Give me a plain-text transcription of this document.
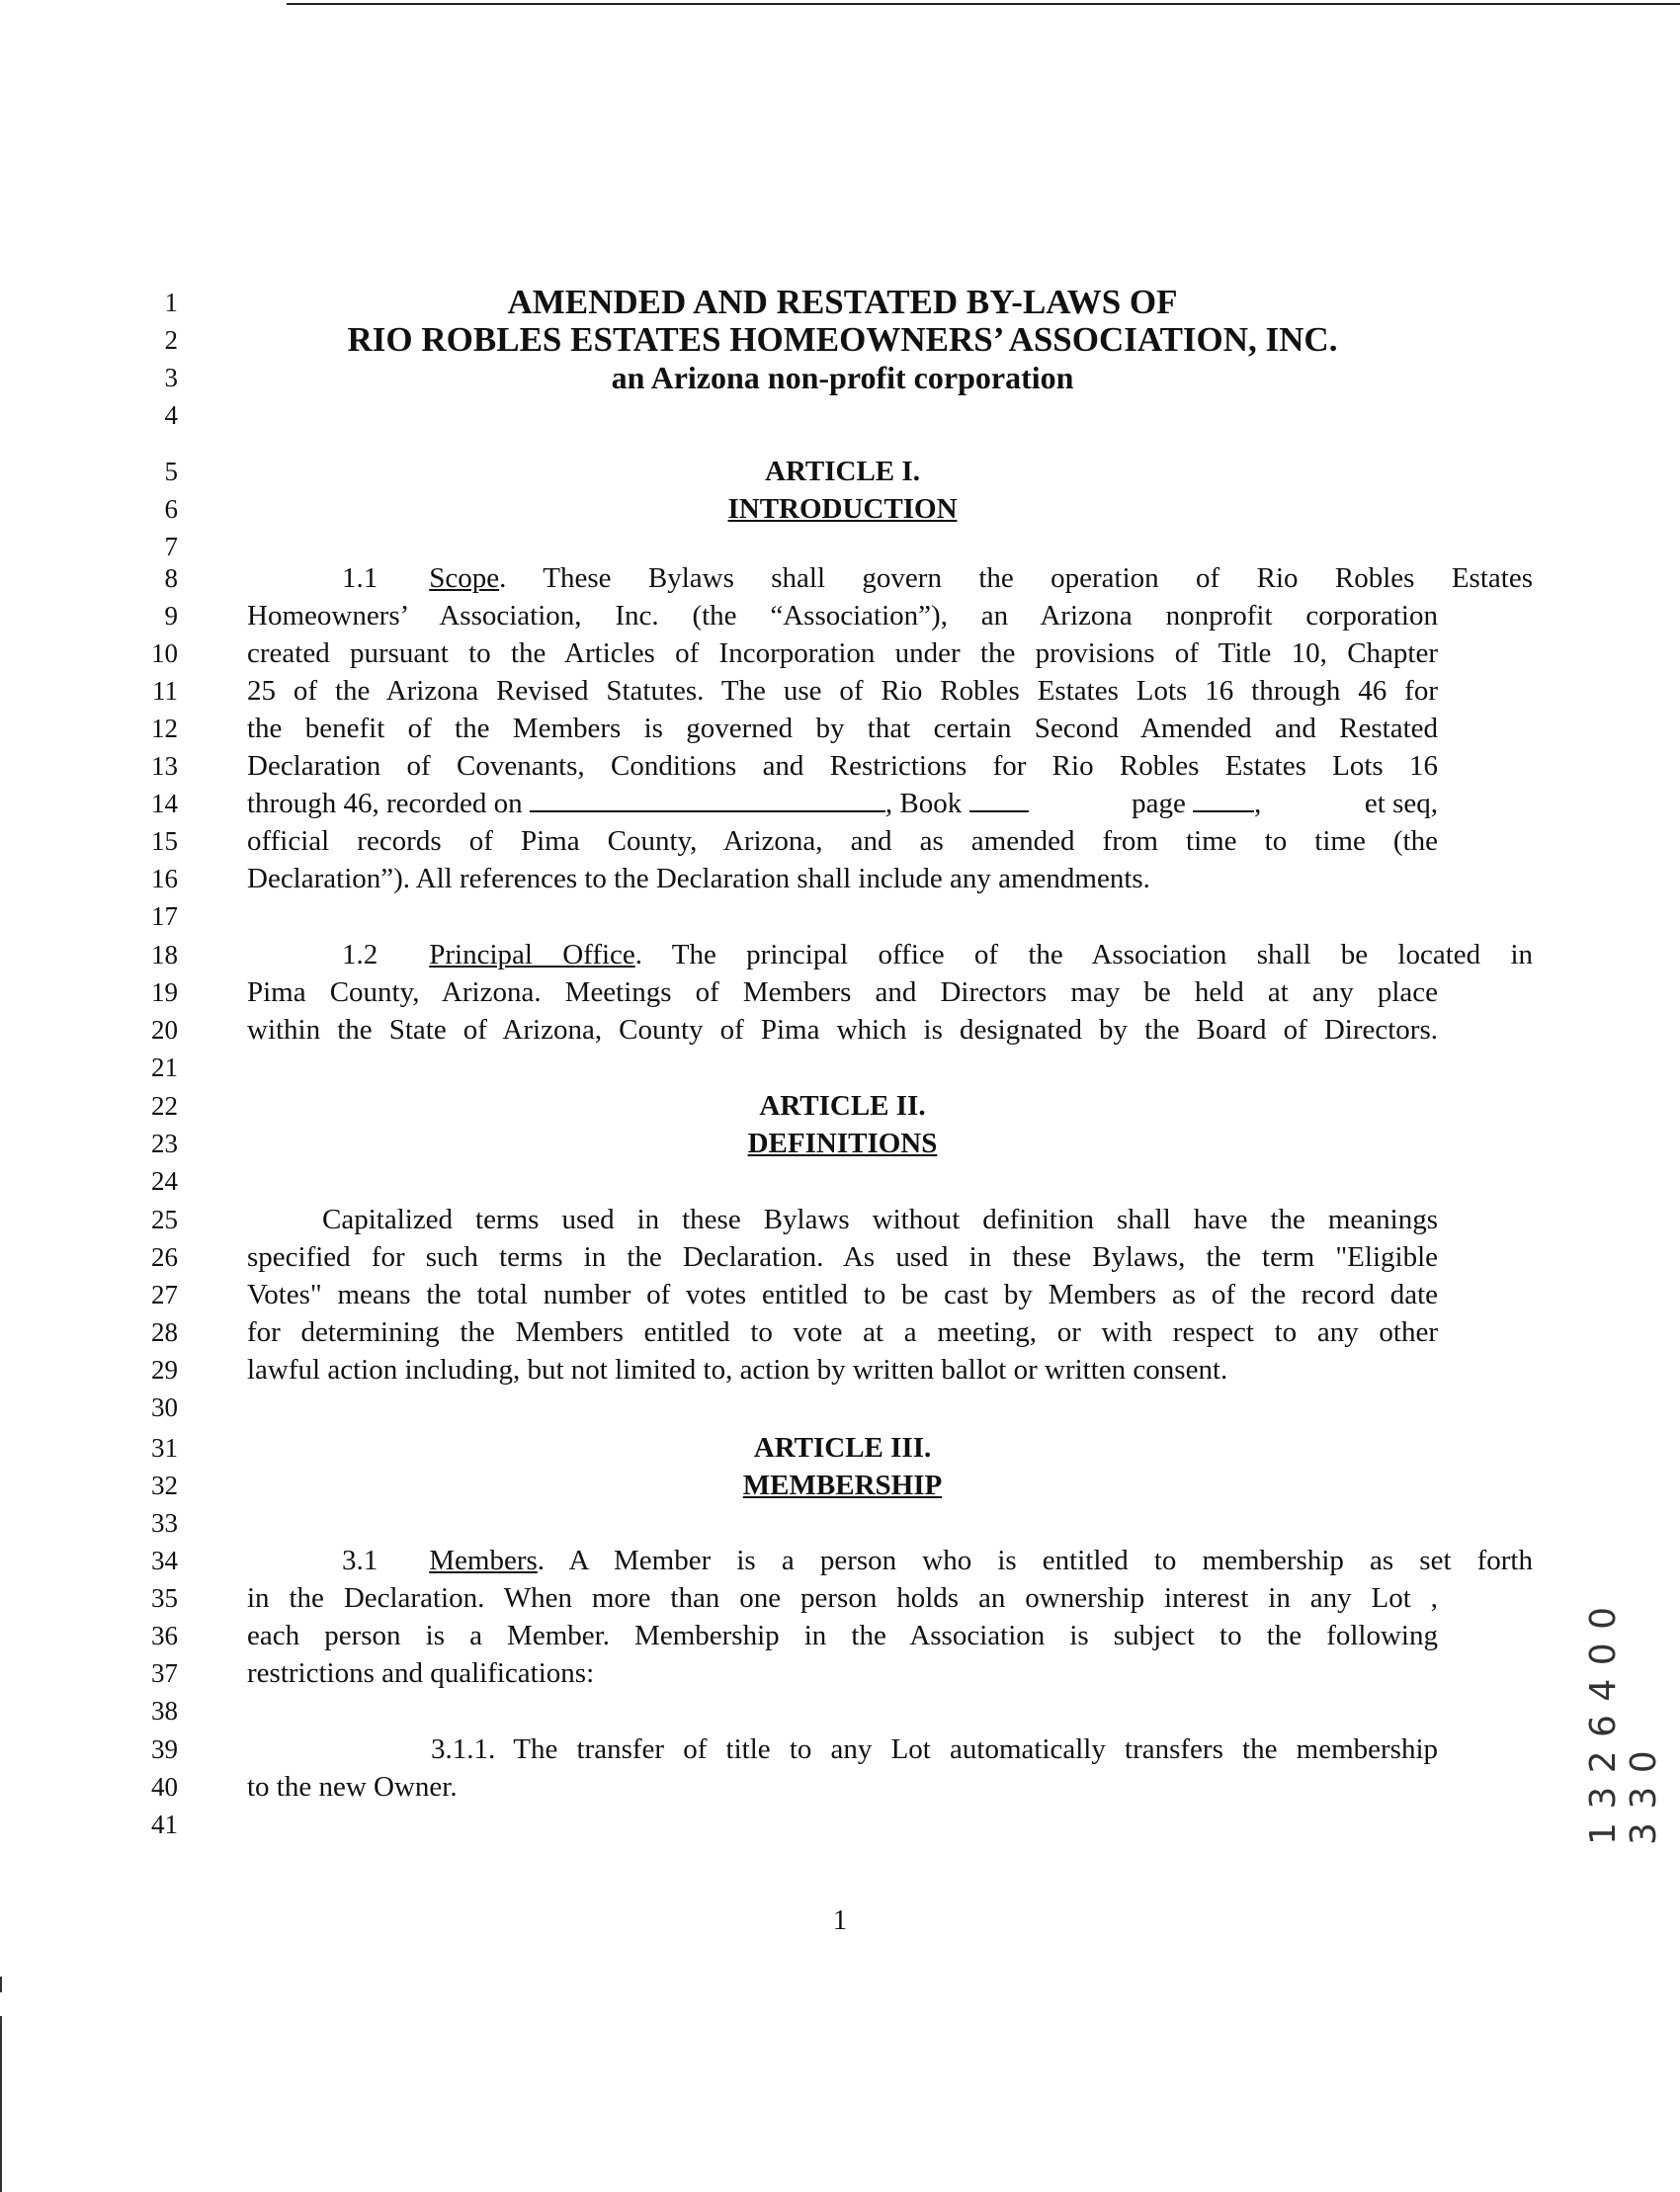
1
2
3
4
5
6
7
8
9
10
11
12
13
14
15
16
17
18
19
20
21
22
23
24
25
26
27
28
29
30
31
32
33
34
35
36
37
38
39
40
41
AMENDED AND RESTATED BY-LAWS OF
RIO ROBLES ESTATES HOMEOWNERS’ ASSOCIATION, INC.
an Arizona non-profit corporation
ARTICLE I.
INTRODUCTION
1.1 Scope. These Bylaws shall govern the operation of Rio Robles Estates
Homeowners’ Association, Inc. (the “Association”), an Arizona nonprofit corporation
created pursuant to the Articles of Incorporation under the provisions of Title 10, Chapter
25 of the Arizona Revised Statutes. The use of Rio Robles Estates Lots 16 through 46 for
the benefit of the Members is governed by that certain Second Amended and Restated
Declaration of Covenants, Conditions and Restrictions for Rio Robles Estates Lots 16
through 46, recorded on	, Book	page ,	et seq,
official records of Pima County, Arizona, and as amended from time to time (the
Declaration”). All references to the Declaration shall include any amendments.
1.2 Principal Office. The principal office of the Association shall be located in
Pima County, Arizona. Meetings of Members and Directors may be held at any place
within the State of Arizona, County of Pima which is designated by the Board of Directors.
ARTICLE II.
DEFINITIONS
Capitalized terms used in these Bylaws without definition shall have the meanings
specified for such terms in the Declaration. As used in these Bylaws, the term "Eligible
Votes" means the total number of votes entitled to be cast by Members as of the record date
for determining the Members entitled to vote at a meeting, or with respect to any other
lawful action including, but not limited to, action by written ballot or written consent.
ARTICLE III.
MEMBERSHIP
3.1 Members. A Member is a person who is entitled to membership as set forth
in the Declaration. When more than one person holds an ownership interest in any Lot ,
each person is a Member. Membership in the Association is subject to the following
restrictions and qualifications:
3.1.1. The transfer of title to any Lot automatically transfers the membership
to the new Owner.
1
1 3 2 6 4 0 0 3 3 0
